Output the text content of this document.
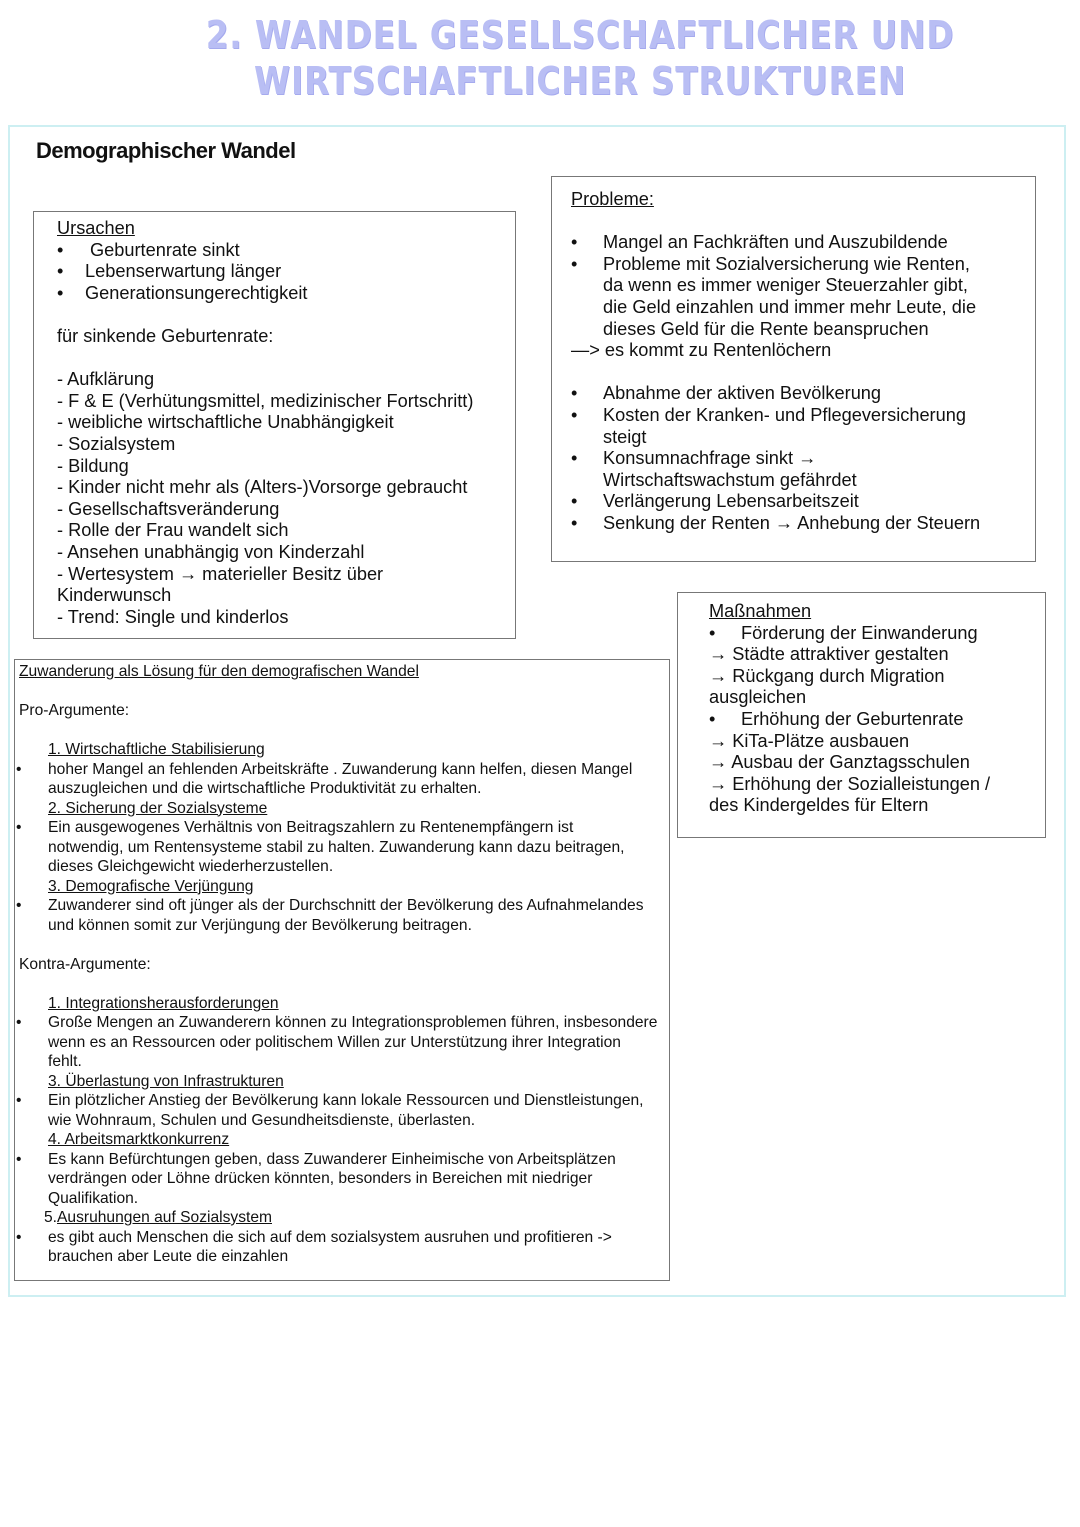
2. WANDEL GESELLSCHAFTLICHER UND
WIRTSCHAFTLICHER STRUKTUREN
Demographischer Wandel
Ursachen
• Geburtenrate sinkt
• Lebenserwartung länger
• Generationsungerechtigkeit
für sinkende Geburtenrate:
- Aufklärung
- F & E (Verhütungsmittel, medizinischer Fortschritt)
- weibliche wirtschaftliche Unabhängigkeit
- Sozialsystem
- Bildung
- Kinder nicht mehr als (Alters-)Vorsorge gebraucht
- Gesellschaftsveränderung
- Rolle der Frau wandelt sich
- Ansehen unabhängig von Kinderzahl
- Wertesystem → materieller Besitz über Kinderwunsch
- Trend: Single und kinderlos
Probleme:
• Mangel an Fachkräften und Auszubildende
• Probleme mit Sozialversicherung wie Renten, da wenn es immer weniger Steuerzahler gibt, die Geld einzahlen und immer mehr Leute, die dieses Geld für die Rente beanspruchen
—> es kommt zu Rentenlöchern
• Abnahme der aktiven Bevölkerung
• Kosten der Kranken- und Pflegeversicherung steigt
• Konsumnachfrage sinkt → Wirtschaftswachstum gefährdet
• Verlängerung Lebensarbeitszeit
• Senkung der Renten → Anhebung der Steuern
Maßnahmen
• Förderung der Einwanderung
→ Städte attraktiver gestalten
→ Rückgang durch Migration ausgleichen
• Erhöhung der Geburtenrate
→ KiTa-Plätze ausbauen
→ Ausbau der Ganztagsschulen
→ Erhöhung der Sozialleistungen / des Kindergeldes für Eltern
Zuwanderung als Lösung für den demografischen Wandel
Pro-Argumente:
1. Wirtschaftliche Stabilisierung
• hoher Mangel an fehlenden Arbeitskräfte . Zuwanderung kann helfen, diesen Mangel auszugleichen und die wirtschaftliche Produktivität zu erhalten.
2. Sicherung der Sozialsysteme
• Ein ausgewogenes Verhältnis von Beitragszahlern zu Rentenempfängern ist notwendig, um Rentensysteme stabil zu halten. Zuwanderung kann dazu beitragen, dieses Gleichgewicht wiederherzustellen.
3. Demografische Verjüngung
• Zuwanderer sind oft jünger als der Durchschnitt der Bevölkerung des Aufnahmelandes und können somit zur Verjüngung der Bevölkerung beitragen.
Kontra-Argumente:
1. Integrationsherausforderungen
• Große Mengen an Zuwanderern können zu Integrationsproblemen führen, insbesondere wenn es an Ressourcen oder politischem Willen zur Unterstützung ihrer Integration fehlt.
3. Überlastung von Infrastrukturen
• Ein plötzlicher Anstieg der Bevölkerung kann lokale Ressourcen und Dienstleistungen, wie Wohnraum, Schulen und Gesundheitsdienste, überlasten.
4. Arbeitsmarktkonkurrenz
• Es kann Befürchtungen geben, dass Zuwanderer Einheimische von Arbeitsplätzen verdrängen oder Löhne drücken könnten, besonders in Bereichen mit niedriger Qualifikation.
5.Ausruhungen auf Sozialsystem
• es gibt auch Menschen die sich auf dem sozialsystem ausruhen und profitieren -> brauchen aber Leute die einzahlen
